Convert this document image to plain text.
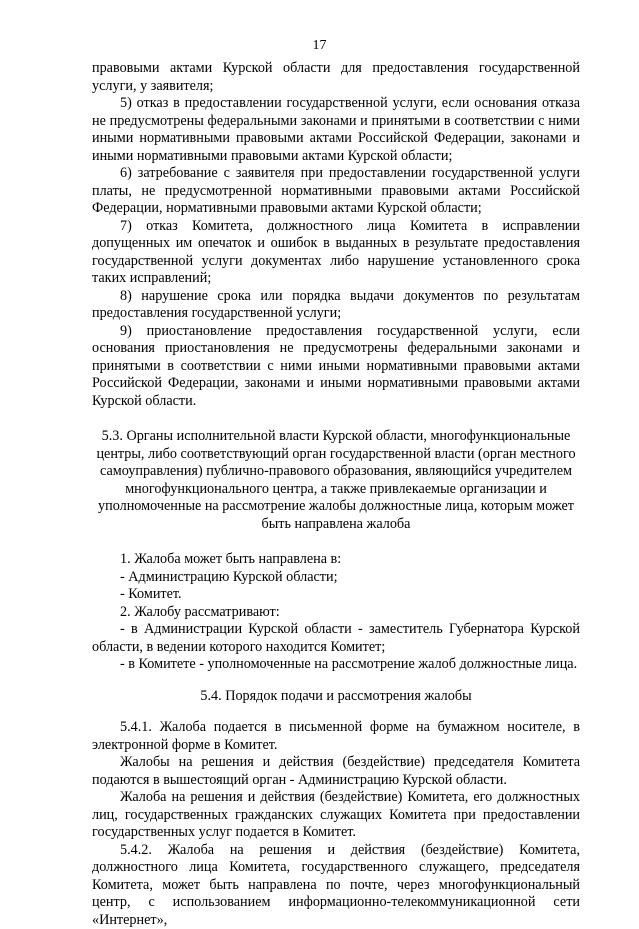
17

правовыми актами Курской области для предоставления государственной услуги, у заявителя;

5) отказ в предоставлении государственной услуги, если основания отказа не предусмотрены федеральными законами и принятыми в соответствии с ними иными нормативными правовыми актами Российской Федерации, законами и иными нормативными правовыми актами Курской области;

6) затребование с заявителя при предоставлении государственной услуги платы, не предусмотренной нормативными правовыми актами Российской Федерации, нормативными правовыми актами Курской области;

7) отказ Комитета, должностного лица Комитета в исправлении допущенных им опечаток и ошибок в выданных в результате предоставления государственной услуги документах либо нарушение установленного срока таких исправлений;

8) нарушение срока или порядка выдачи документов по результатам предоставления государственной услуги;

9) приостановление предоставления государственной услуги, если основания приостановления не предусмотрены федеральными законами и принятыми в соответствии с ними иными нормативными правовыми актами Российской Федерации, законами и иными нормативными правовыми актами Курской области.

5.3. Органы исполнительной власти Курской области, многофункциональные центры, либо соответствующий орган государственной власти (орган местного самоуправления) публично-правового образования, являющийся учредителем многофункционального центра, а также привлекаемые организации и уполномоченные на рассмотрение жалобы должностные лица, которым может быть направлена жалоба

1. Жалоба может быть направлена в:

- Администрацию Курской области;

- Комитет.

2. Жалобу рассматривают:

- в Администрации Курской области - заместитель Губернатора Курской области, в ведении которого находится Комитет;

- в Комитете - уполномоченные на рассмотрение жалоб должностные лица.

5.4. Порядок подачи и рассмотрения жалобы

5.4.1. Жалоба подается в письменной форме на бумажном носителе, в электронной форме в Комитет.

Жалобы на решения и действия (бездействие) председателя Комитета подаются в вышестоящий орган - Администрацию Курской области.

Жалоба на решения и действия (бездействие) Комитета, его должностных лиц, государственных гражданских служащих Комитета при предоставлении государственных услуг подается в Комитет.

5.4.2. Жалоба на решения и действия (бездействие) Комитета, должностного лица Комитета, государственного служащего, председателя Комитета, может быть направлена по почте, через многофункциональный центр, с использованием информационно-телекоммуникационной сети «Интернет»,
